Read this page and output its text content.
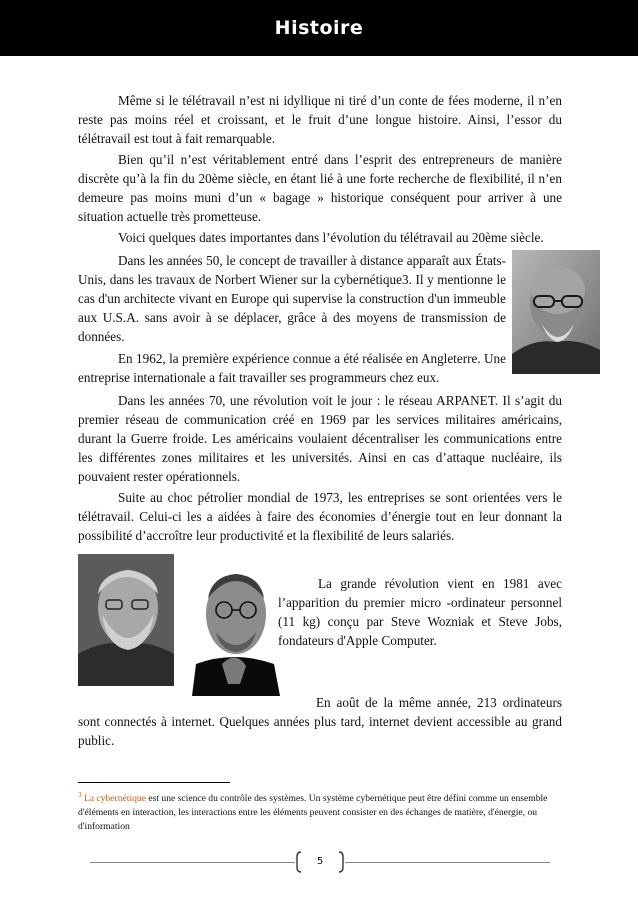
Histoire

Même si le télétravail n’est ni idyllique ni tiré d’un conte de fées moderne, il n’en reste pas moins réel et croissant, et le fruit d’une longue histoire. Ainsi, l’essor du télétravail est tout à fait remarquable.

Bien qu’il n’est véritablement entré dans l’esprit des entrepreneurs de manière discrète qu’à la fin du 20ème siècle, en étant lié à une forte recherche de flexibilité, il n’en demeure pas moins muni d’un « bagage » historique conséquent pour arriver à une situation actuelle très prometteuse.

Voici quelques dates importantes dans l’évolution du télétravail au 20ème siècle.

Dans les années 50, le concept de travailler à distance apparaît aux États-Unis, dans les travaux de Norbert Wiener sur la cybernétique3. Il y mentionne le cas d'un architecte vivant en Europe qui supervise la construction d'un immeuble aux U.S.A. sans avoir à se déplacer, grâce à des moyens de transmission de données.

En 1962, la première expérience connue a été réalisée en Angleterre. Une entreprise internationale a fait travailler ses programmeurs chez eux.

Dans les années 70, une révolution voit le jour : le réseau ARPANET. Il s’agit du premier réseau de communication créé en 1969 par les services militaires américains, durant la Guerre froide. Les américains voulaient décentraliser les communications entre les différentes zones militaires et les universités. Ainsi en cas d’attaque nucléaire, ils pouvaient rester opérationnels.

Suite au choc pétrolier mondial de 1973, les entreprises se sont orientées vers le télétravail. Celui-ci les a aidées à faire des économies d’énergie tout en leur donnant la possibilité d’accroître leur productivité et la flexibilité de leurs salariés.

La grande révolution vient en 1981 avec l’apparition du premier micro -ordinateur personnel (11 kg) conçu par Steve Wozniak et Steve Jobs, fondateurs d'Apple Computer.

En août de la même année, 213 ordinateurs sont connectés à internet. Quelques années plus tard, internet devient accessible au grand public.

$^3$ La cybernétique est une science du contrôle des systèmes. Un système cybernétique peut être défini comme un ensemble d'éléments en interaction, les interactions entre les éléments peuvent consister en des échanges de matière, d'énergie, ou d'information

5
